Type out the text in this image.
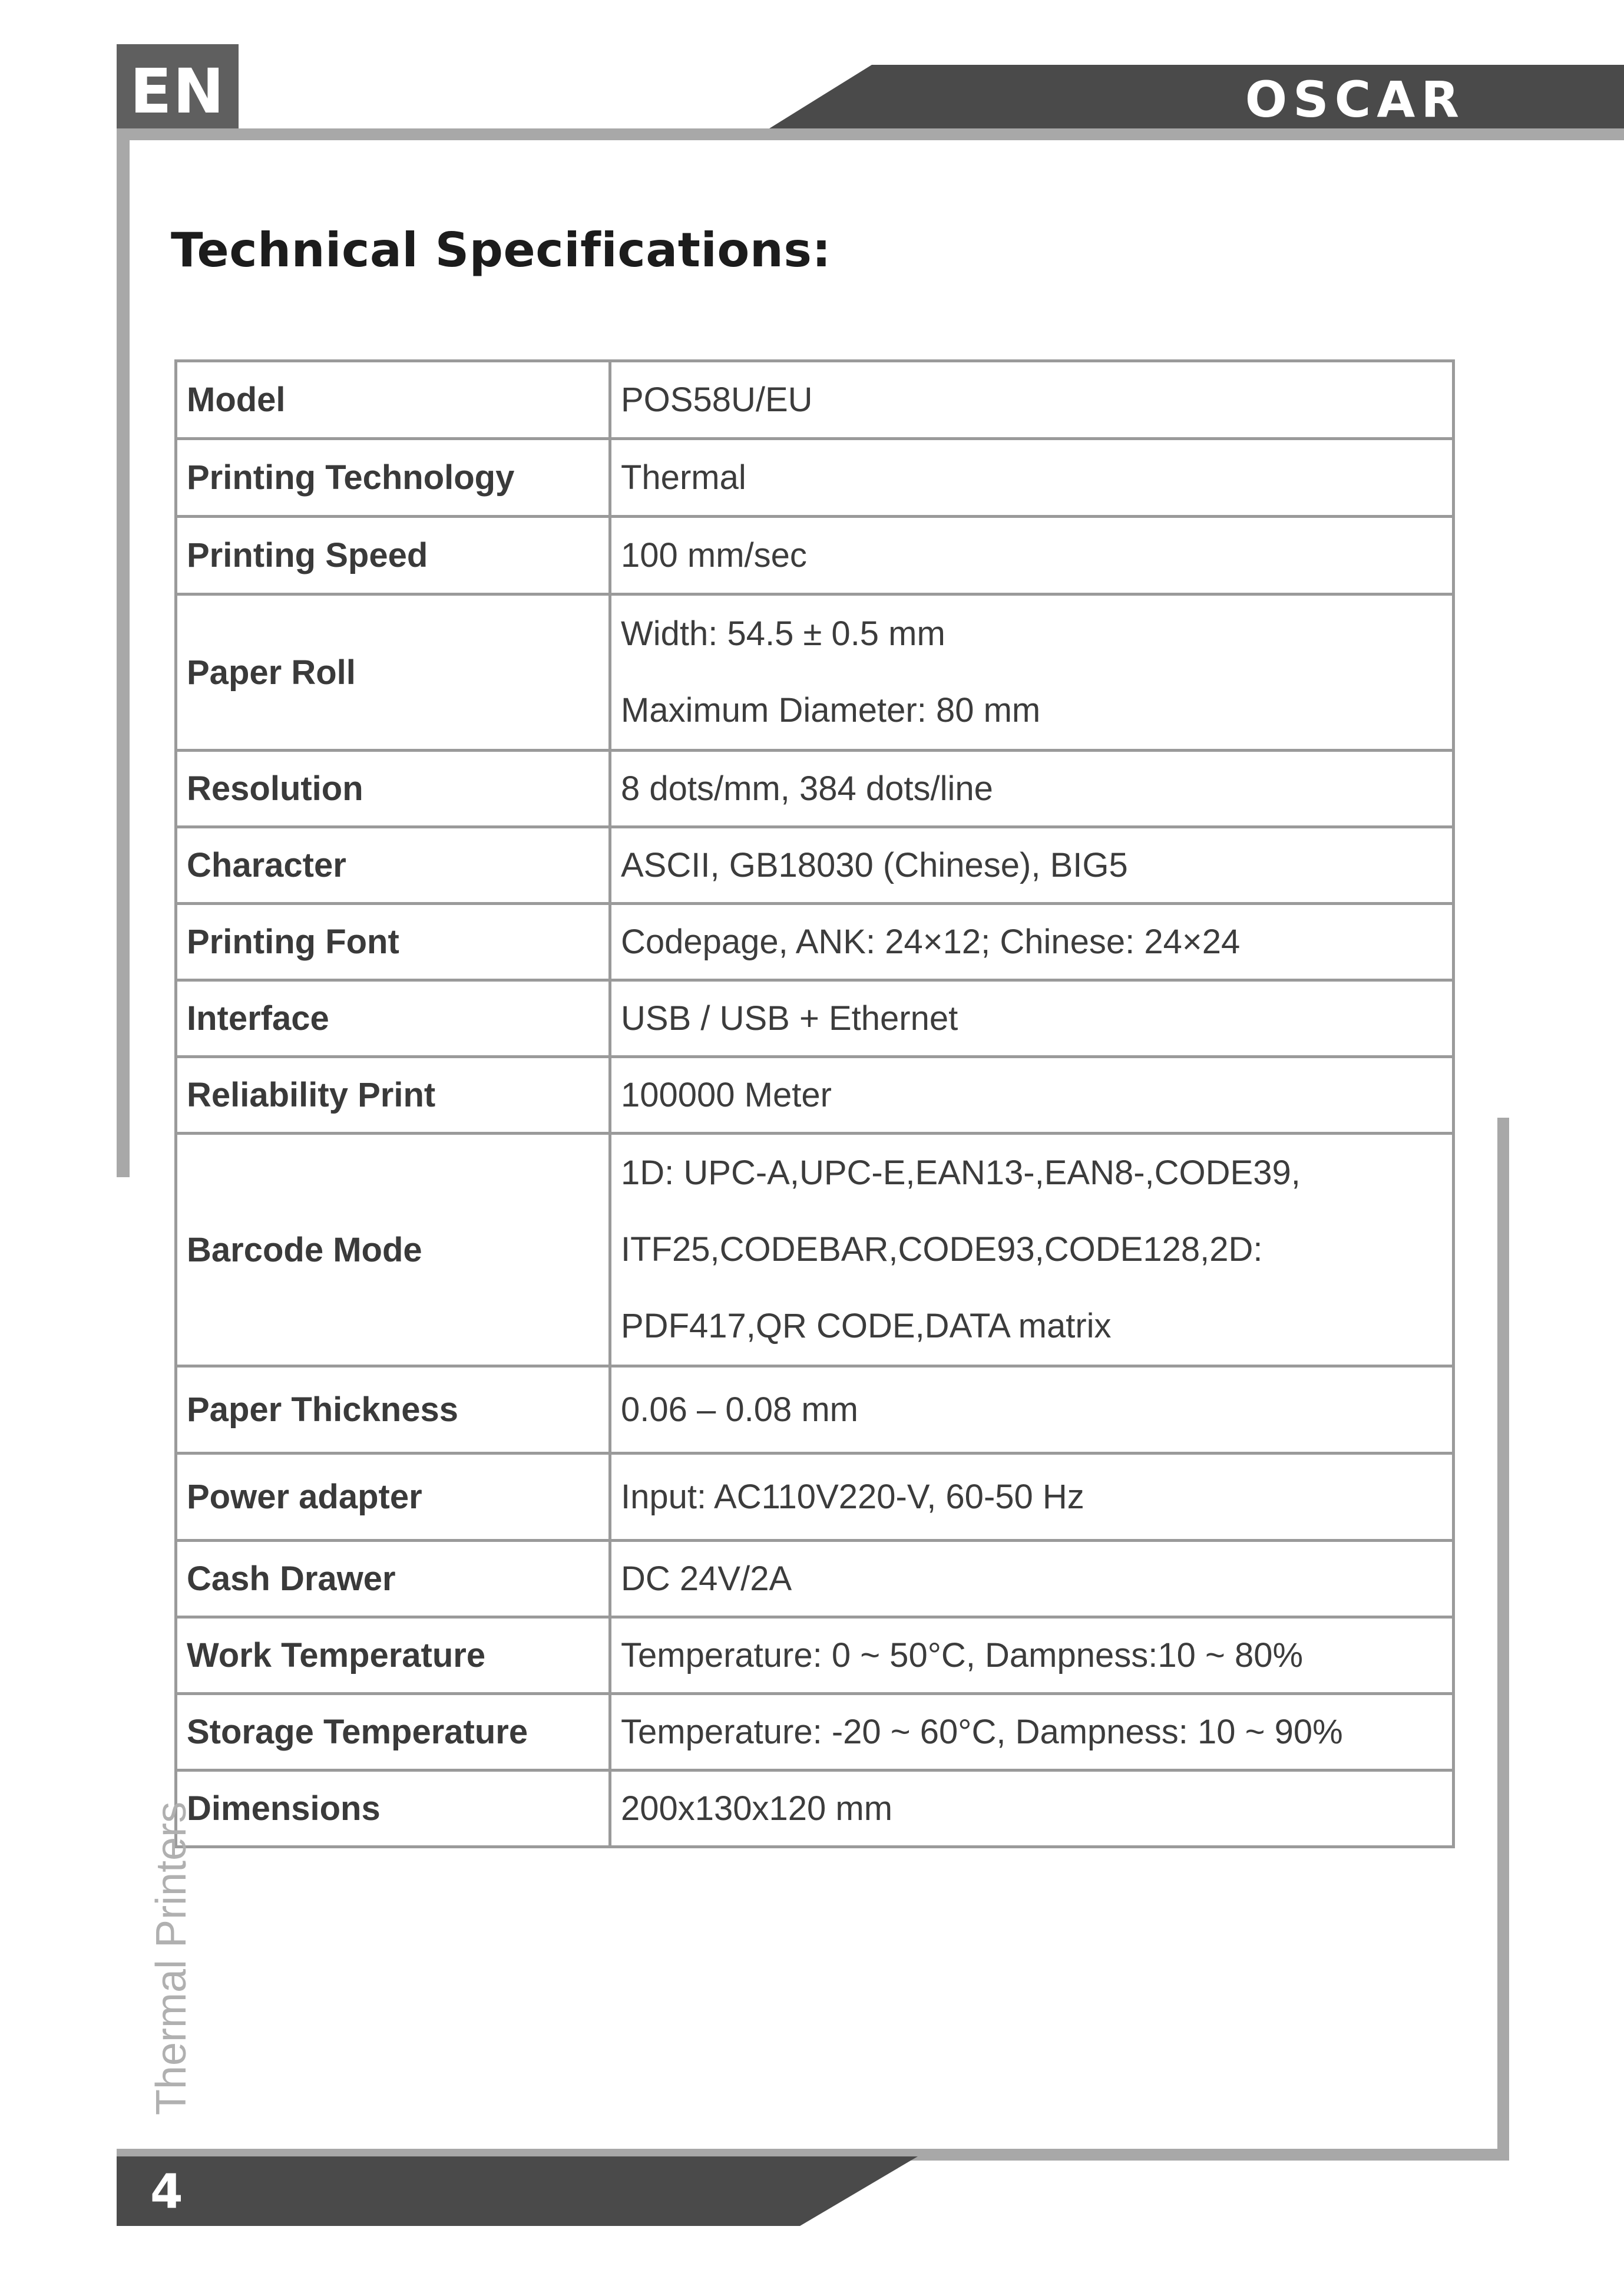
EN	OSCAR
Technical Specifications:
Model	POS58U/EU
Printing Technology	Thermal
Printing Speed	100 mm/sec
Paper Roll	Width: 54.5 ± 0.5 mm
Maximum Diameter: 80 mm

Resolution	8 dots/mm, 384 dots/line
Character	ASCII, GB18030 (Chinese), BIG5
Printing Font	Codepage, ANK: 24×12; Chinese: 24×24
Interface	USB / USB + Ethernet
Reliability Print	100000 Meter
Barcode Mode	1D: UPC-A,UPC-E,EAN13-,EAN8-,CODE39,
ITF25,CODEBAR,CODE93,CODE128,2D:
PDF417,QR CODE,DATA matrix

Paper Thickness	0.06 – 0.08 mm
Power adapter	Input: AC110V220-V, 60-50 Hz
Cash Drawer	DC 24V/2A
Work Temperature	Temperature: 0 ~ 50°C, Dampness:10 ~ 80%
Storage Temperature	Temperature: -20 ~ 60°C, Dampness: 10 ~ 90%
Dimensions	200x130x120 mm
Thermal Printers
4
